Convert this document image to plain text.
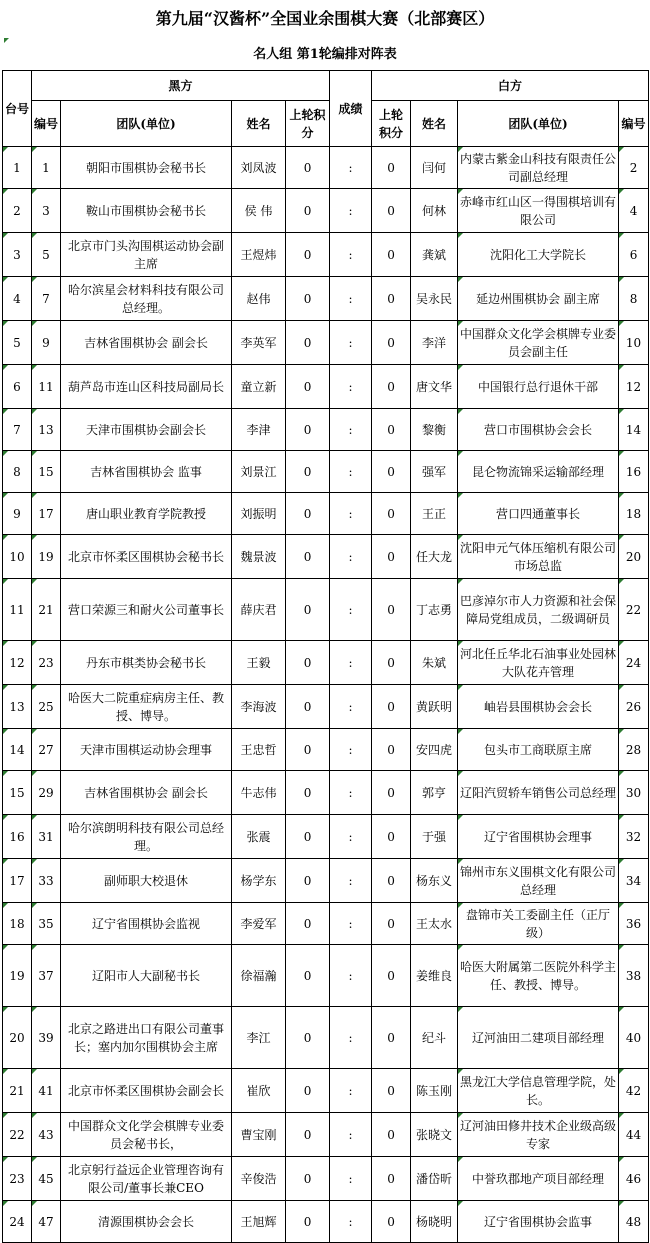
第九届“汉酱杯”全国业余围棋大赛（北部赛区）
名人组 第1轮编排对阵表
台号	黑方				成绩	白方			
	编号	团队(单位)	姓名	上轮积分		上轮积分	姓名	团队(单位)	编号
1	1	朝阳市围棋协会秘书长	刘凤波	0	:	0	闫何	内蒙古紫金山科技有限责任公司副总经理	2
2	3	鞍山市围棋协会秘书长	侯 伟	0	:	0	何林	赤峰市红山区一得围棋培训有限公司	4
3	5	北京市门头沟围棋运动协会副主席	王煜炜	0	:	0	龚斌	沈阳化工大学院长	6
4	7	哈尔滨星会材料科技有限公司总经理。	赵伟	0	:	0	吴永民	延边州围棋协会 副主席	8
5	9	吉林省围棋协会 副会长	李英军	0	:	0	李洋	中国群众文化学会棋牌专业委员会副主任	10
6	11	葫芦岛市连山区科技局副局长	童立新	0	:	0	唐文华	中国银行总行退休干部	12
7	13	天津市围棋协会副会长	李津	0	:	0	黎衡	营口市围棋协会会长	14
8	15	吉林省围棋协会 监事	刘景江	0	:	0	强军	昆仑物流锦采运输部经理	16
9	17	唐山职业教育学院教授	刘振明	0	:	0	王正	营口四通董事长	18
10	19	北京市怀柔区围棋协会秘书长	魏景波	0	:	0	任大龙	沈阳申元气体压缩机有限公司市场总监	20
11	21	营口荣源三和耐火公司董事长	薛庆君	0	:	0	丁志勇	巴彦淖尔市人力资源和社会保障局党组成员，二级调研员	22
12	23	丹东市棋类协会秘书长	王毅	0	:	0	朱斌	河北任丘华北石油事业处园林大队花卉管理	24
13	25	哈医大二院重症病房主任、教授、博导。	李海波	0	:	0	黄跃明	岫岩县围棋协会会长	26
14	27	天津市围棋运动协会理事	王忠哲	0	:	0	安四虎	包头市工商联原主席	28
15	29	吉林省围棋协会 副会长	牛志伟	0	:	0	郭亨	辽阳汽贸轿车销售公司总经理	30
16	31	哈尔滨朗明科技有限公司总经理。	张震	0	:	0	于强	辽宁省围棋协会理事	32
17	33	副师职大校退休	杨学东	0	:	0	杨东义	锦州市东义围棋文化有限公司总经理	34
18	35	辽宁省围棋协会监视	李爱军	0	:	0	王太水	盘锦市关工委副主任（正厅级）	36
19	37	辽阳市人大副秘书长	徐福瀚	0	:	0	姜维良	哈医大附属第二医院外科学主任、教授、博导。	38
20	39	北京之路进出口有限公司董事长；塞内加尔围棋协会主席	李江	0	:	0	纪斗	辽河油田二建项目部经理	40
21	41	北京市怀柔区围棋协会副会长	崔欣	0	:	0	陈玉刚	黑龙江大学信息管理学院，处长。	42
22	43	中国群众文化学会棋牌专业委员会秘书长，	曹宝刚	0	:	0	张晓文	辽河油田修井技术企业级高级专家	44
23	45	北京躬行益远企业管理咨询有限公司/董事长兼CEO	辛俊浩	0	:	0	潘岱昕	中誉玖郡地产项目部经理	46
24	47	清源围棋协会会长	王旭辉	0	:	0	杨晓明	辽宁省围棋协会监事	48
